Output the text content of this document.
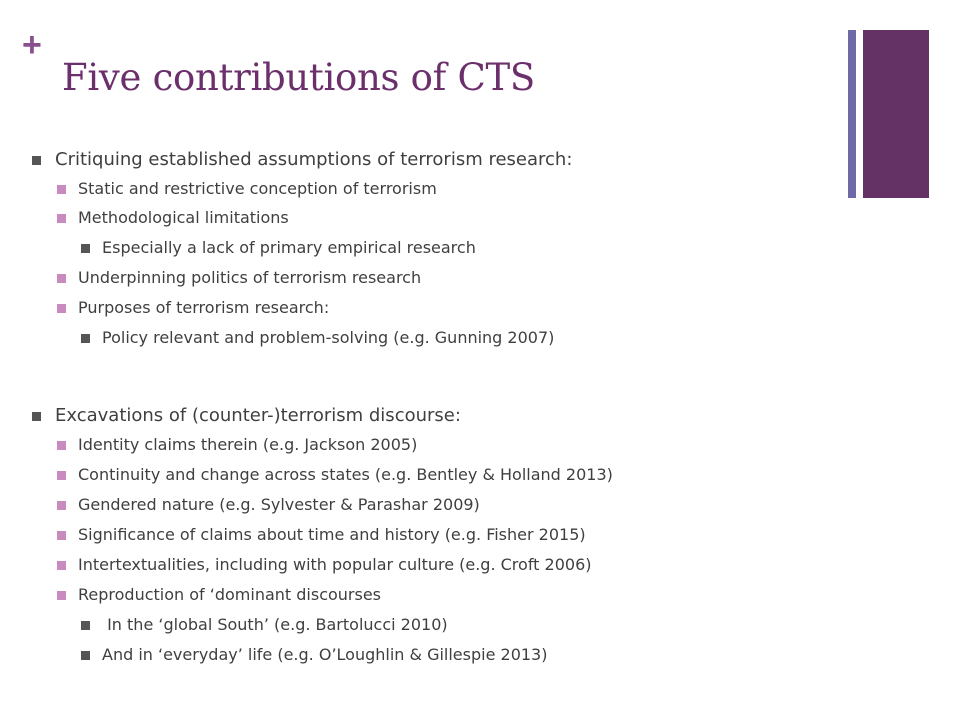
+
Five contributions of CTS
Critiquing established assumptions of terrorism research:
Static and restrictive conception of terrorism
Methodological limitations
Especially a lack of primary empirical research
Underpinning politics of terrorism research
Purposes of terrorism research:
Policy relevant and problem-solving (e.g. Gunning 2007)
Excavations of (counter-)terrorism discourse:
Identity claims therein (e.g. Jackson 2005)
Continuity and change across states (e.g. Bentley & Holland 2013)
Gendered nature (e.g. Sylvester & Parashar 2009)
Significance of claims about time and history (e.g. Fisher 2015)
Intertextualities, including with popular culture (e.g. Croft 2006)
Reproduction of ‘dominant discourses
In the ‘global South’ (e.g. Bartolucci 2010)
And in ‘everyday’ life (e.g. O’Loughlin & Gillespie 2013)
